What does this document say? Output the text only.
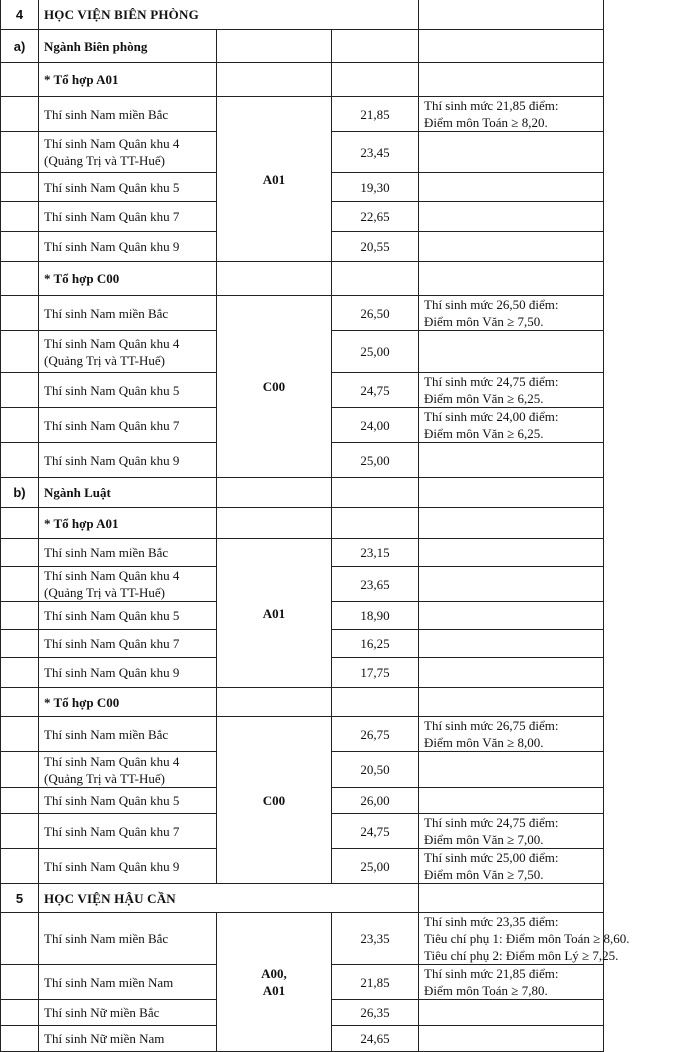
4	HỌC VIỆN BIÊN PHÒNG			
a)	Ngành Biên phòng			
	* Tổ hợp A01			
	Thí sinh Nam miền Bắc	A01	21,85	Thí sinh mức 21,85 điểm:
Điểm môn Toán ≥ 8,20.

	Thí sinh Nam Quân khu 4 (Quảng Trị và TT-Huế)		23,45	
	Thí sinh Nam Quân khu 5		19,30	
	Thí sinh Nam Quân khu 7		22,65	
	Thí sinh Nam Quân khu 9		20,55	
	* Tổ hợp C00			
	Thí sinh Nam miền Bắc	C00	26,50	Thí sinh mức 26,50 điểm:
Điểm môn Văn ≥ 7,50.

	Thí sinh Nam Quân khu 4 (Quảng Trị và TT-Huế)		25,00	
	Thí sinh Nam Quân khu 5		24,75	Thí sinh mức 24,75 điểm:
Điểm môn Văn ≥ 6,25.

	Thí sinh Nam Quân khu 7		24,00	Thí sinh mức 24,00 điểm:
Điểm môn Văn ≥ 6,25.

	Thí sinh Nam Quân khu 9		25,00	
b)	Ngành Luật			
	* Tổ hợp A01			
	Thí sinh Nam miền Bắc	A01	23,15	
	Thí sinh Nam Quân khu 4 (Quảng Trị và TT-Huế)		23,65	
	Thí sinh Nam Quân khu 5		18,90	
	Thí sinh Nam Quân khu 7		16,25	
	Thí sinh Nam Quân khu 9		17,75	
	* Tổ hợp C00			
	Thí sinh Nam miền Bắc	C00	26,75	Thí sinh mức 26,75 điểm:
Điểm môn Văn ≥ 8,00.

	Thí sinh Nam Quân khu 4 (Quảng Trị và TT-Huế)		20,50	
	Thí sinh Nam Quân khu 5		26,00	
	Thí sinh Nam Quân khu 7		24,75	Thí sinh mức 24,75 điểm:
Điểm môn Văn ≥ 7,00.

	Thí sinh Nam Quân khu 9		25,00	Thí sinh mức 25,00 điểm:
Điểm môn Văn ≥ 7,50.

5	HỌC VIỆN HẬU CẦN			
	Thí sinh Nam miền Bắc	A00,
A01	23,35	Thí sinh mức 23,35 điểm:
Tiêu chí phụ 1: Điểm môn Toán ≥ 8,60.
Tiêu chí phụ 2: Điểm môn Lý ≥ 7,25.

	Thí sinh Nam miền Nam		21,85	Thí sinh mức 21,85 điểm:
Điểm môn Toán ≥ 7,80.

	Thí sinh Nữ miền Bắc		26,35	
	Thí sinh Nữ miền Nam		24,65	
